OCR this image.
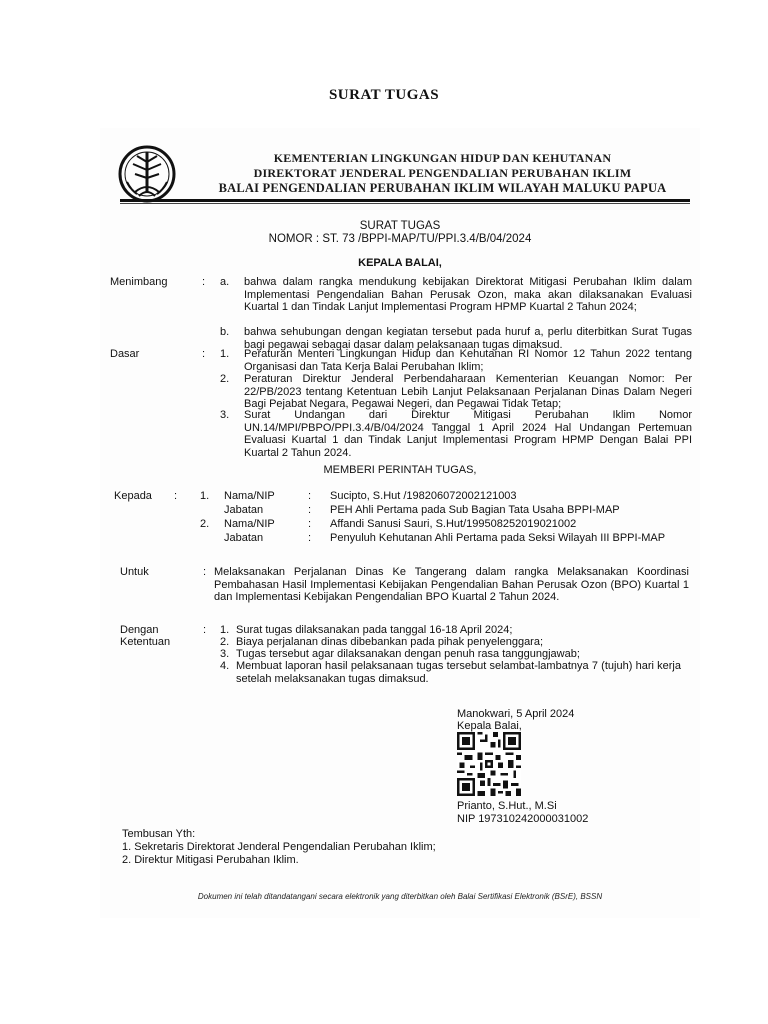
SURAT TUGAS
KEMENTERIAN LINGKUNGAN HIDUP DAN KEHUTANAN
DIREKTORAT JENDERAL PENGENDALIAN PERUBAHAN IKLIM
BALAI PENGENDALIAN PERUBAHAN IKLIM WILAYAH MALUKU PAPUA
SURAT TUGAS
NOMOR : ST. 73 /BPPI-MAP/TU/PPI.3.4/B/04/2024
KEPALA BALAI,
Menimbang	: a. bahwa dalam rangka mendukung kebijakan Direktorat Mitigasi Perubahan Iklim dalam Implementasi Pengendalian Bahan Perusak Ozon, maka akan dilaksanakan Evaluasi Kuartal 1 dan Tindak Lanjut Implementasi Program HPMP Kuartal 2 Tahun 2024;
b. bahwa sehubungan dengan kegiatan tersebut pada huruf a, perlu diterbitkan Surat Tugas bagi pegawai sebagai dasar dalam pelaksanaan tugas dimaksud.
Dasar	: 1. Peraturan Menteri Lingkungan Hidup dan Kehutanan RI Nomor 12 Tahun 2022 tentang Organisasi dan Tata Kerja Balai Perubahan Iklim;
2. Peraturan Direktur Jenderal Perbendaharaan Kementerian Keuangan Nomor: Per 22/PB/2023 tentang Ketentuan Lebih Lanjut Pelaksanaan Perjalanan Dinas Dalam Negeri Bagi Pejabat Negara, Pegawai Negeri, dan Pegawai Tidak Tetap;
3. Surat Undangan dari Direktur Mitigasi Perubahan Iklim Nomor UN.14/MPI/PBPO/PPI.3.4/B/04/2024 Tanggal 1 April 2024 Hal Undangan Pertemuan Evaluasi Kuartal 1 dan Tindak Lanjut Implementasi Program HPMP Dengan Balai PPI Kuartal 2 Tahun 2024.
MEMBERI PERINTAH TUGAS,
Kepada : 1. Nama/NIP	: Sucipto, S.Hut /198206072002121003
Jabatan	: PEH Ahli Pertama pada Sub Bagian Tata Usaha BPPI-MAP
2. Nama/NIP	: Affandi Sanusi Sauri, S.Hut/199508252019021002
Jabatan	: Penyuluh Kehutanan Ahli Pertama pada Seksi Wilayah III BPPI-MAP
Untuk	: Melaksanakan Perjalanan Dinas Ke Tangerang dalam rangka Melaksanakan Koordinasi Pembahasan Hasil Implementasi Kebijakan Pengendalian Bahan Perusak Ozon (BPO) Kuartal 1 dan Implementasi Kebijakan Pengendalian BPO Kuartal 2 Tahun 2024.
Dengan
Ketentuan
: 1. Surat tugas dilaksanakan pada tanggal 16-18 April 2024;
2. Biaya perjalanan dinas dibebankan pada pihak penyelenggara;
3. Tugas tersebut agar dilaksanakan dengan penuh rasa tanggungjawab;
4. Membuat laporan hasil pelaksanaan tugas tersebut selambat-lambatnya 7 (tujuh) hari kerja setelah melaksanakan tugas dimaksud.
Manokwari, 5 April 2024
Kepala Balai,
Prianto, S.Hut., M.Si
NIP 197310242000031002
Tembusan Yth:
1. Sekretaris Direktorat Jenderal Pengendalian Perubahan Iklim;
2. Direktur Mitigasi Perubahan Iklim.
Dokumen ini telah ditandatangani secara elektronik yang diterbitkan oleh Balai Sertifikasi Elektronik (BSrE), BSSN
